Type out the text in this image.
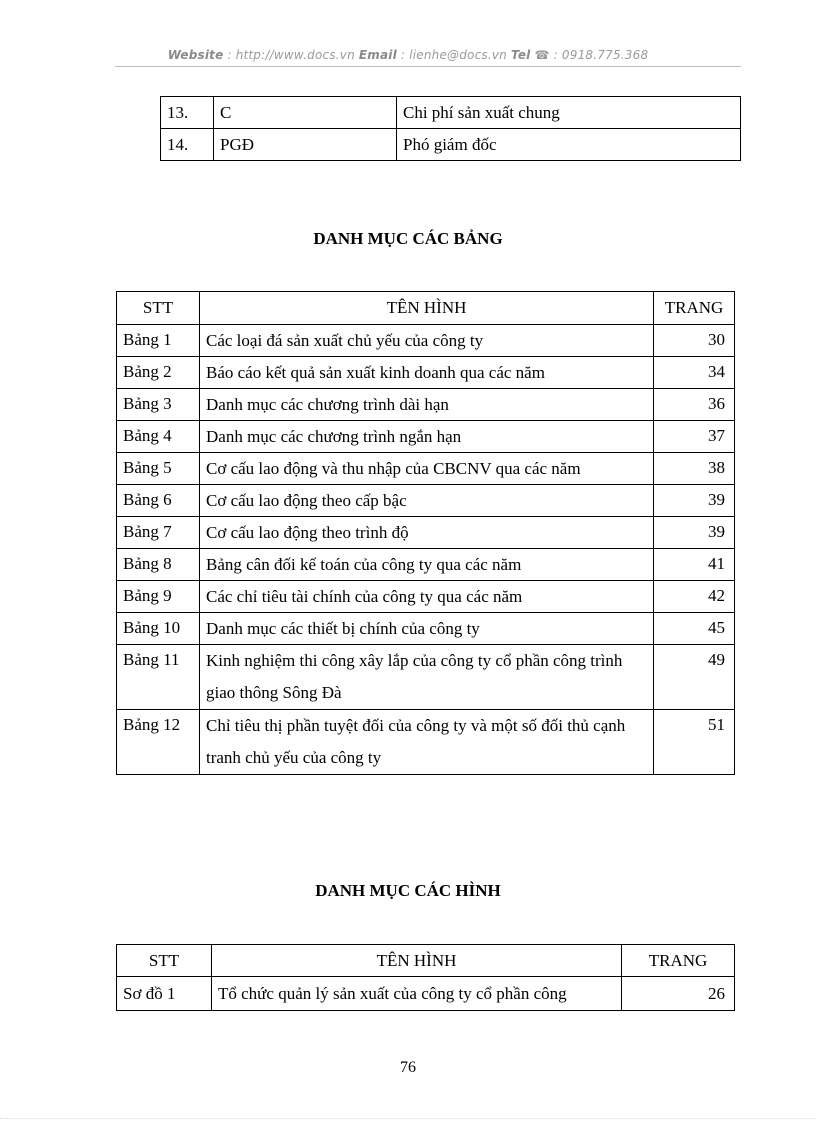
Website : http://www.docs.vn Email : lienhe@docs.vn Tel ☎ : 0918.775.368
13.	C	Chi phí sản xuất chung
14.	PGĐ	Phó giám đốc
DANH MỤC CÁC BẢNG
STT	TÊN HÌNH	TRANG
Bảng 1	Các loại đá sản xuất chủ yếu của công ty	30
Bảng 2	Báo cáo kết quả sản xuất kinh doanh qua các năm	34
Bảng 3	Danh mục các chương trình dài hạn	36
Bảng 4	Danh mục các chương trình ngắn hạn	37
Bảng 5	Cơ cấu lao động và thu nhập của CBCNV qua các năm	38
Bảng 6	Cơ cấu lao động theo cấp bậc	39
Bảng 7	Cơ cấu lao động theo trình độ	39
Bảng 8	Bảng cân đối kế toán của công ty qua các năm	41
Bảng 9	Các chỉ tiêu tài chính của công ty qua các năm	42
Bảng 10	Danh mục các thiết bị chính của công ty	45
Bảng 11	Kinh nghiệm thi công xây lắp của công ty cổ phần công trình giao thông Sông Đà	49
Bảng 12	Chỉ tiêu thị phần tuyệt đối của công ty và một số đối thủ cạnh tranh chủ yếu của công ty	51
DANH MỤC CÁC HÌNH
STT	TÊN HÌNH	TRANG
Sơ đồ 1	Tổ chức quản lý sản xuất của công ty cổ phần công	26
76
